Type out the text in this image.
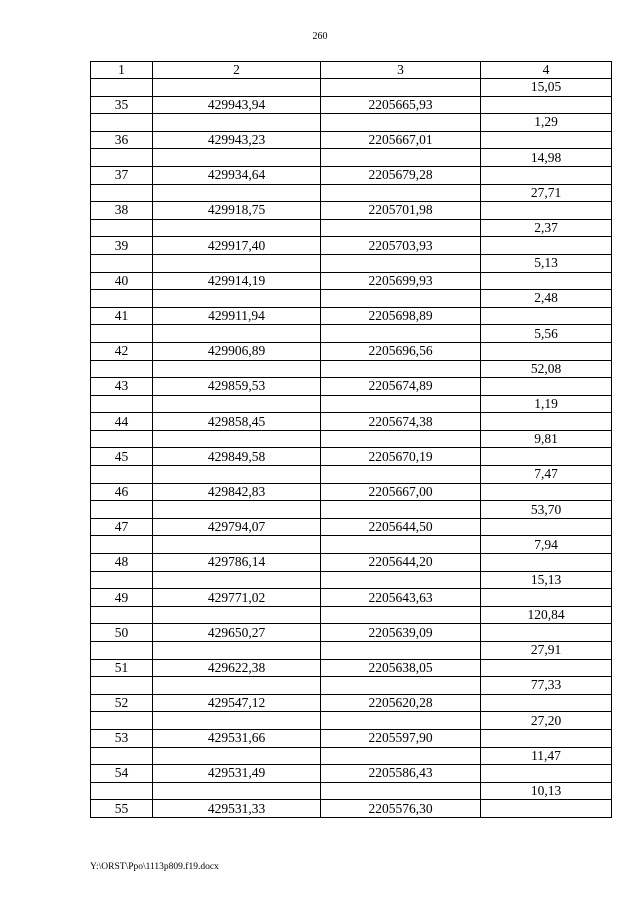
260
1	2	3	4
			15,05
35	429943,94	2205665,93	
			1,29
36	429943,23	2205667,01	
			14,98
37	429934,64	2205679,28	
			27,71
38	429918,75	2205701,98	
			2,37
39	429917,40	2205703,93	
			5,13
40	429914,19	2205699,93	
			2,48
41	429911,94	2205698,89	
			5,56
42	429906,89	2205696,56	
			52,08
43	429859,53	2205674,89	
			1,19
44	429858,45	2205674,38	
			9,81
45	429849,58	2205670,19	
			7,47
46	429842,83	2205667,00	
			53,70
47	429794,07	2205644,50	
			7,94
48	429786,14	2205644,20	
			15,13
49	429771,02	2205643,63	
			120,84
50	429650,27	2205639,09	
			27,91
51	429622,38	2205638,05	
			77,33
52	429547,12	2205620,28	
			27,20
53	429531,66	2205597,90	
			11,47
54	429531,49	2205586,43	
			10,13
55	429531,33	2205576,30	
Y:\ORST\Ppo\1113p809.f19.docx
